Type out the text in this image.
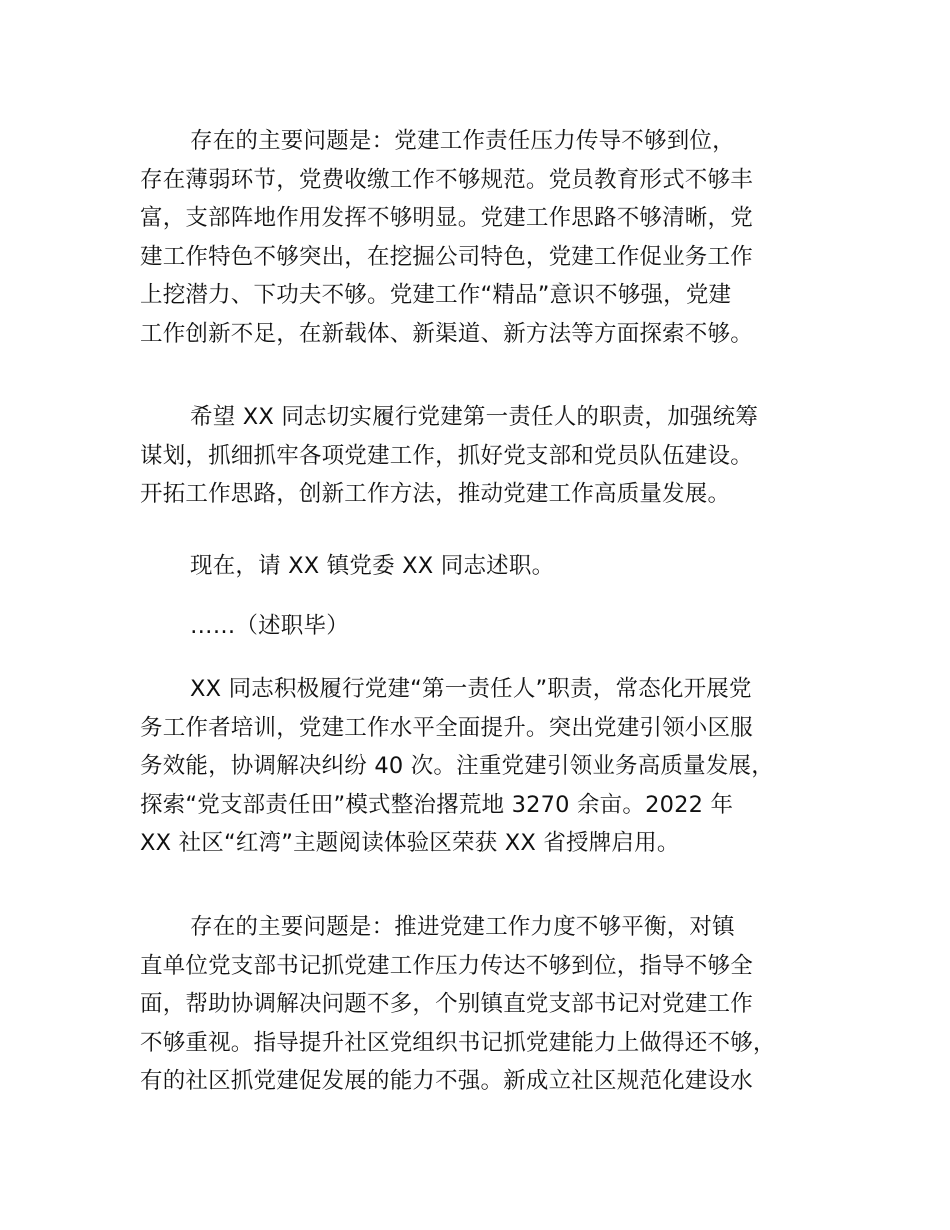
存在的主要问题是：党建工作责任压力传导不够到位，
存在薄弱环节，党费收缴工作不够规范。党员教育形式不够丰
富，支部阵地作用发挥不够明显。党建工作思路不够清晰，党
建工作特色不够突出，在挖掘公司特色，党建工作促业务工作
上挖潜力、下功夫不够。党建工作“精品”意识不够强，党建
工作创新不足，在新载体、新渠道、新方法等方面探索不够。
希望 XX 同志切实履行党建第一责任人的职责，加强统筹
谋划，抓细抓牢各项党建工作，抓好党支部和党员队伍建设。
开拓工作思路，创新工作方法，推动党建工作高质量发展。
现在，请 XX 镇党委 XX 同志述职。
……（述职毕）
XX 同志积极履行党建“第一责任人”职责，常态化开展党
务工作者培训，党建工作水平全面提升。突出党建引领小区服
务效能，协调解决纠纷 40 次。注重党建引领业务高质量发展，
探索“党支部责任田”模式整治撂荒地 3270 余亩。2022 年
XX 社区“红湾”主题阅读体验区荣获 XX 省授牌启用。
存在的主要问题是：推进党建工作力度不够平衡，对镇
直单位党支部书记抓党建工作压力传达不够到位，指导不够全
面，帮助协调解决问题不多，个别镇直党支部书记对党建工作
不够重视。指导提升社区党组织书记抓党建能力上做得还不够，
有的社区抓党建促发展的能力不强。新成立社区规范化建设水
